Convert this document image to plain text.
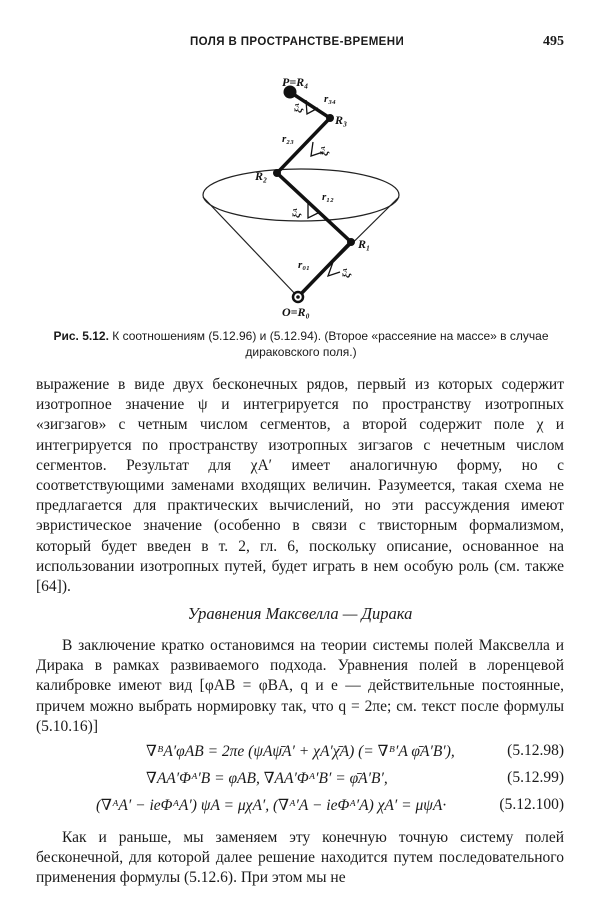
ПОЛЯ В ПРОСТРАНСТВЕ-ВРЕМЕНИ	495
P=R₄
R₃
R₂
R₁
O=R₀
r₃₄
r₂₃
r₁₂
r₀₁
ξᴬ
ξᴬ
ξᴬ
ξᴬ
Рис. 5.12. К соотношениям (5.12.96) и (5.12.94). (Второе «рассеяние на массе» в случае дираковского поля.)

выражение в виде двух бесконечных рядов, первый из которых содержит изотропное значение ψ и интегрируется по пространству изотропных «зигзагов» с четным числом сегментов, а второй содержит поле χ и интегрируется по пространству изотропных зигзагов с нечетным числом сегментов. Результат для χA′ имеет аналогичную форму, но с соответствующими заменами входящих величин. Разумеется, такая схема не предлагается для практических вычислений, но эти рассуждения имеют эвристическое значение (особенно в связи с твисторным формализмом, который будет введен в т. 2, гл. 6, поскольку описание, основанное на использовании изотропных путей, будет играть в нем особую роль (см. также [64]).

Уравнения Максвелла — Дирака

В заключение кратко остановимся на теории системы полей Максвелла и Дирака в рамках развиваемого подхода. Уравнения полей в лоренцевой калибровке имеют вид [φAB = φBA, q и e — действительные постоянные, причем можно выбрать нормировку так, что q = 2πe; см. текст после формулы (5.10.16)]

∇ᴮA′φAB = 2πe (ψAψ̄A′ + χA′χ̄A) (= ∇ᴮ′A φ̄A′B′),	(5.12.98)
∇AA′Φᴬ′B = φAB, ∇AA′Φᴬ′B′ = φ̄A′B′,	(5.12.99)
(∇ᴬA′ − ieΦᴬA′) ψA = μχA′, (∇ᴬ′A − ieΦᴬ′A) χA′ = μψA·	(5.12.100)

Как и раньше, мы заменяем эту конечную точную систему полей бесконечной, для которой далее решение находится путем последовательного применения формулы (5.12.6). При этом мы не
